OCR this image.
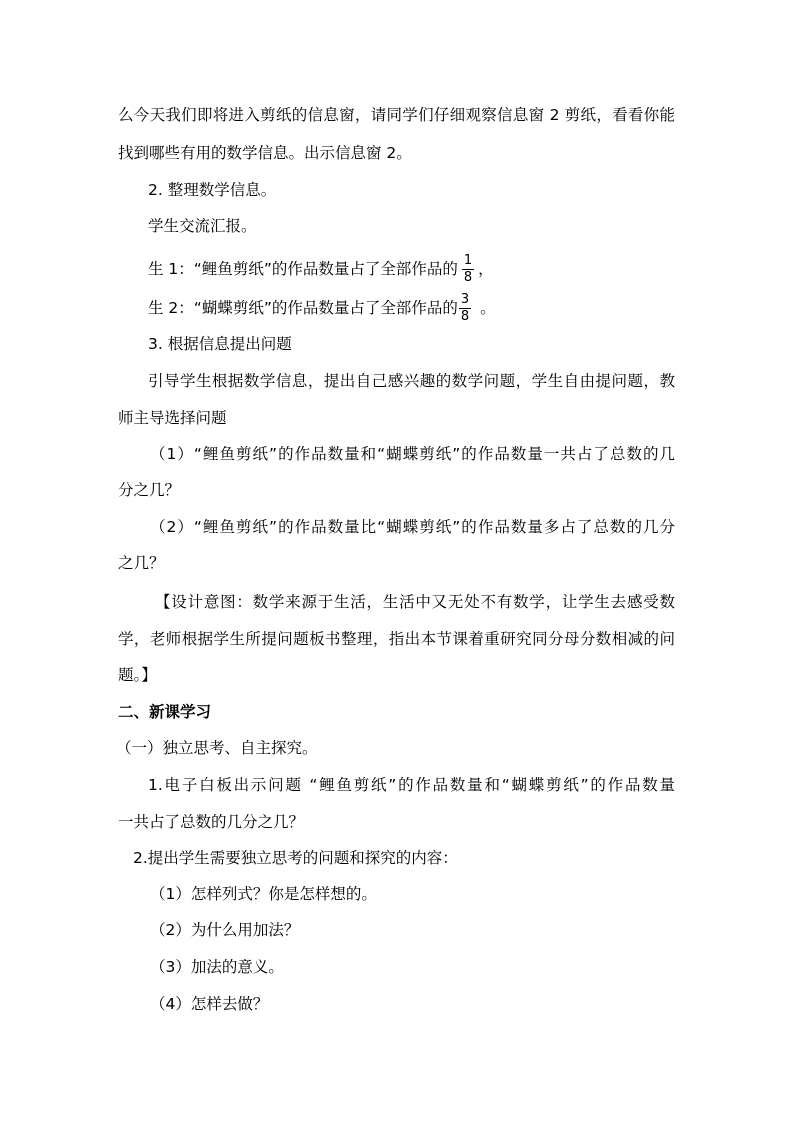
么今天我们即将进入剪纸的信息窗，请同学们仔细观察信息窗 2 剪纸，看看你能
找到哪些有用的数学信息。出示信息窗 2。
2. 整理数学信息。
学生交流汇报。
生 1：“鲤鱼剪纸”的作品数量占了全部作品的 $\frac{1}{8}$ ，
生 2：“蝴蝶剪纸”的作品数量占了全部作品的 $\frac{3}{8}$ 。
3. 根据信息提出问题
引导学生根据数学信息，提出自己感兴趣的数学问题，学生自由提问题，教
师主导选择问题
（1）“鲤鱼剪纸”的作品数量和“蝴蝶剪纸”的作品数量一共占了总数的几
分之几？
（2）“鲤鱼剪纸”的作品数量比“蝴蝶剪纸”的作品数量多占了总数的几分
之几？
【设计意图：数学来源于生活，生活中又无处不有数学，让学生去感受数
学，老师根据学生所提问题板书整理，指出本节课着重研究同分母分数相减的问
题。】
二、新课学习
（一）独立思考、自主探究。
1.电子白板出示问题 “鲤鱼剪纸”的作品数量和“蝴蝶剪纸”的作品数量
一共占了总数的几分之几？
2.提出学生需要独立思考的问题和探究的内容：
（1）怎样列式？你是怎样想的。
（2）为什么用加法？
（3）加法的意义。
（4）怎样去做？
